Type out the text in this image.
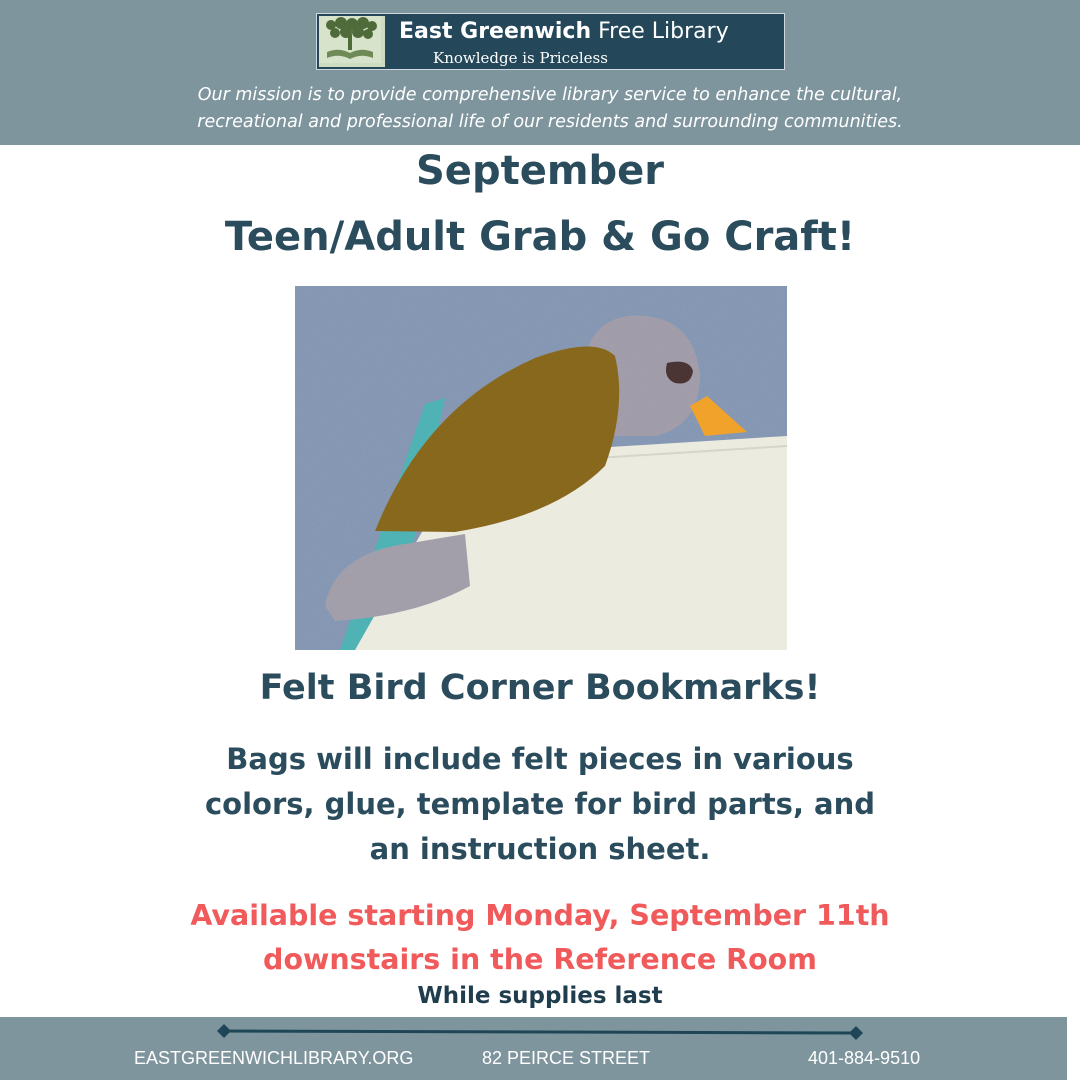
East Greenwich Free Library
Knowledge is Priceless
Our mission is to provide comprehensive library service to enhance the cultural,
recreational and professional life of our residents and surrounding communities.
September
Teen/Adult Grab & Go Craft!
Felt Bird Corner Bookmarks!
Bags will include felt pieces in various
colors, glue, template for bird parts, and
an instruction sheet.
Available starting Monday, September 11th
downstairs in the Reference Room
While supplies last
EASTGREENWICHLIBRARY.ORG	82 PEIRCE STREET	401-884-9510
